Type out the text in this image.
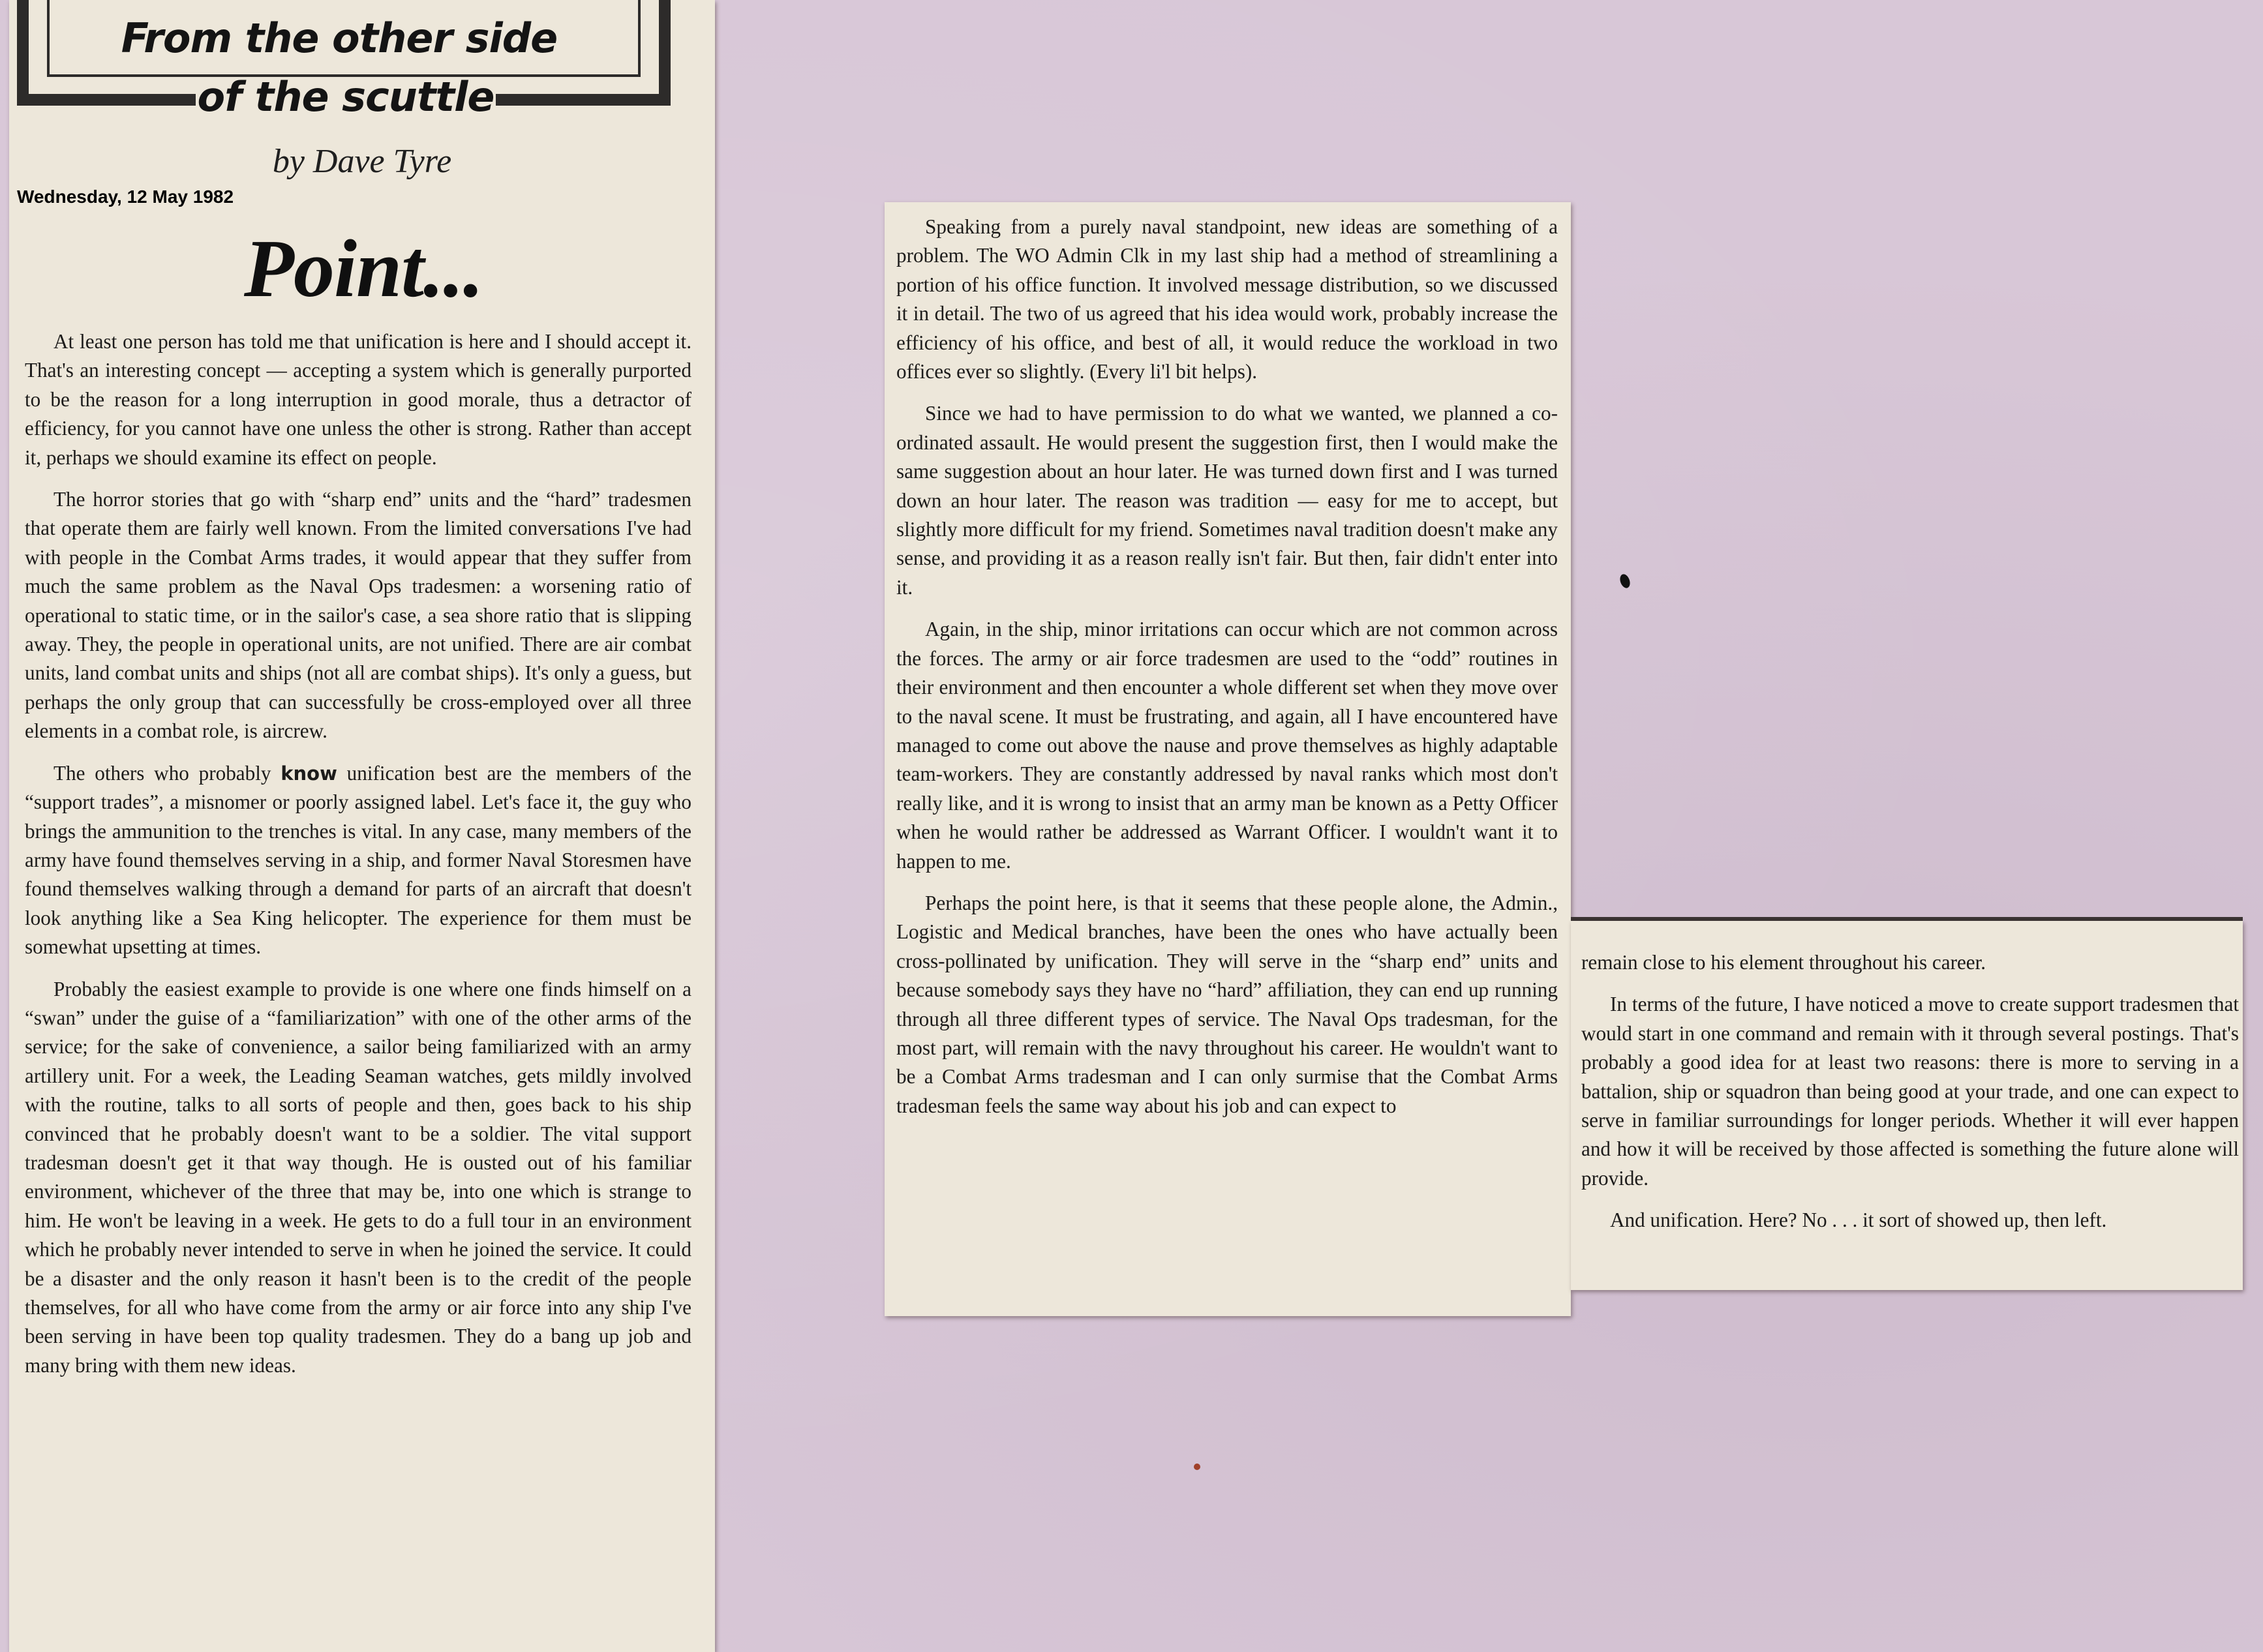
From the other side
of the scuttle
by Dave Tyre
Wednesday, 12 May 1982
Point...

At least one person has told me that unification is here and I should accept it. That's an interesting concept — accepting a system which is generally purported to be the reason for a long interruption in good morale, thus a detractor of efficiency, for you cannot have one unless the other is strong. Rather than accept it, perhaps we should examine its effect on people.

The horror stories that go with “sharp end” units and the “hard” tradesmen that operate them are fairly well known. From the limited conversations I've had with people in the Combat Arms trades, it would appear that they suffer from much the same problem as the Naval Ops tradesmen: a worsening ratio of operational to static time, or in the sailor's case, a sea shore ratio that is slipping away. They, the people in operational units, are not unified. There are air combat units, land combat units and ships (not all are combat ships). It's only a guess, but perhaps the only group that can successfully be cross-employed over all three elements in a combat role, is aircrew.

The others who probably know unification best are the members of the “support trades”, a misnomer or poorly assigned label. Let's face it, the guy who brings the ammunition to the trenches is vital. In any case, many members of the army have found themselves serving in a ship, and former Naval Storesmen have found themselves walking through a demand for parts of an aircraft that doesn't look anything like a Sea King helicopter. The experience for them must be somewhat upsetting at times.

Probably the easiest example to provide is one where one finds himself on a “swan” under the guise of a “familiarization” with one of the other arms of the service; for the sake of convenience, a sailor being familiarized with an army artillery unit. For a week, the Leading Seaman watches, gets mildly involved with the routine, talks to all sorts of people and then, goes back to his ship convinced that he probably doesn't want to be a soldier. The vital support tradesman doesn't get it that way though. He is ousted out of his familiar environment, whichever of the three that may be, into one which is strange to him. He won't be leaving in a week. He gets to do a full tour in an environment which he probably never intended to serve in when he joined the service. It could be a disaster and the only reason it hasn't been is to the credit of the people themselves, for all who have come from the army or air force into any ship I've been serving in have been top quality tradesmen. They do a bang up job and many bring with them new ideas.

Speaking from a purely naval standpoint, new ideas are something of a problem. The WO Admin Clk in my last ship had a method of streamlining a portion of his office function. It involved message distribution, so we discussed it in detail. The two of us agreed that his idea would work, probably increase the efficiency of his office, and best of all, it would reduce the workload in two offices ever so slightly. (Every li'l bit helps).

Since we had to have permission to do what we wanted, we planned a co-ordinated assault. He would present the suggestion first, then I would make the same suggestion about an hour later. He was turned down first and I was turned down an hour later. The reason was tradition — easy for me to accept, but slightly more difficult for my friend. Sometimes naval tradition doesn't make any sense, and providing it as a reason really isn't fair. But then, fair didn't enter into it.

Again, in the ship, minor irritations can occur which are not common across the forces. The army or air force tradesmen are used to the “odd” routines in their environment and then encounter a whole different set when they move over to the naval scene. It must be frustrating, and again, all I have encountered have managed to come out above the nause and prove themselves as highly adaptable team-workers. They are constantly addressed by naval ranks which most don't really like, and it is wrong to insist that an army man be known as a Petty Officer when he would rather be addressed as Warrant Officer. I wouldn't want it to happen to me.

Perhaps the point here, is that it seems that these people alone, the Admin., Logistic and Medical branches, have been the ones who have actually been cross-pollinated by unification. They will serve in the “sharp end” units and because somebody says they have no “hard” affiliation, they can end up running through all three different types of service. The Naval Ops tradesman, for the most part, will remain with the navy throughout his career. He wouldn't want to be a Combat Arms tradesman and I can only surmise that the Combat Arms tradesman feels the same way about his job and can expect to

remain close to his element throughout his career.

In terms of the future, I have noticed a move to create support tradesmen that would start in one command and remain with it through several postings. That's probably a good idea for at least two reasons: there is more to serving in a battalion, ship or squadron than being good at your trade, and one can expect to serve in familiar surroundings for longer periods. Whether it will ever happen and how it will be received by those affected is something the future alone will provide.

And unification. Here? No . . . it sort of showed up, then left.
